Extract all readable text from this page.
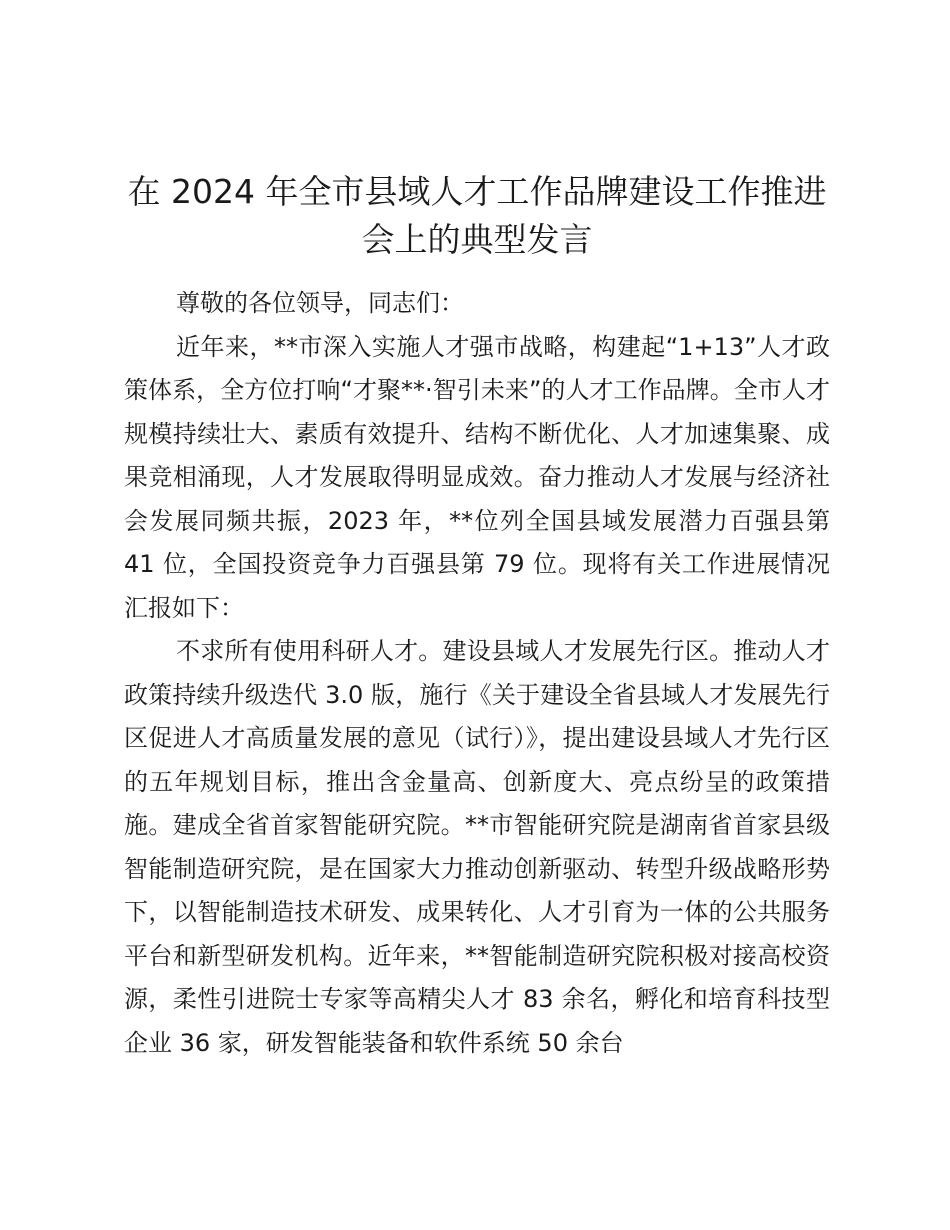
在 2024 年全市县域人才工作品牌建设工作推进会上的典型发言

尊敬的各位领导，同志们：

近年来，**市深入实施人才强市战略，构建起“1+13”人才政策体系，全方位打响“才聚**·智引未来”的人才工作品牌。全市人才规模持续壮大、素质有效提升、结构不断优化、人才加速集聚、成果竞相涌现，人才发展取得明显成效。奋力推动人才发展与经济社会发展同频共振，2023 年，**位列全国县域发展潜力百强县第 41 位，全国投资竞争力百强县第 79 位。现将有关工作进展情况汇报如下：

不求所有使用科研人才。建设县域人才发展先行区。推动人才政策持续升级迭代 3.0 版，施行《关于建设全省县域人才发展先行区促进人才高质量发展的意见（试行）》，提出建设县域人才先行区的五年规划目标，推出含金量高、创新度大、亮点纷呈的政策措施。建成全省首家智能研究院。**市智能研究院是湖南省首家县级智能制造研究院，是在国家大力推动创新驱动、转型升级战略形势下，以智能制造技术研发、成果转化、人才引育为一体的公共服务平台和新型研发机构。近年来，**智能制造研究院积极对接高校资源，柔性引进院士专家等高精尖人才 83 余名，孵化和培育科技型企业 36 家，研发智能装备和软件系统 50 余台
